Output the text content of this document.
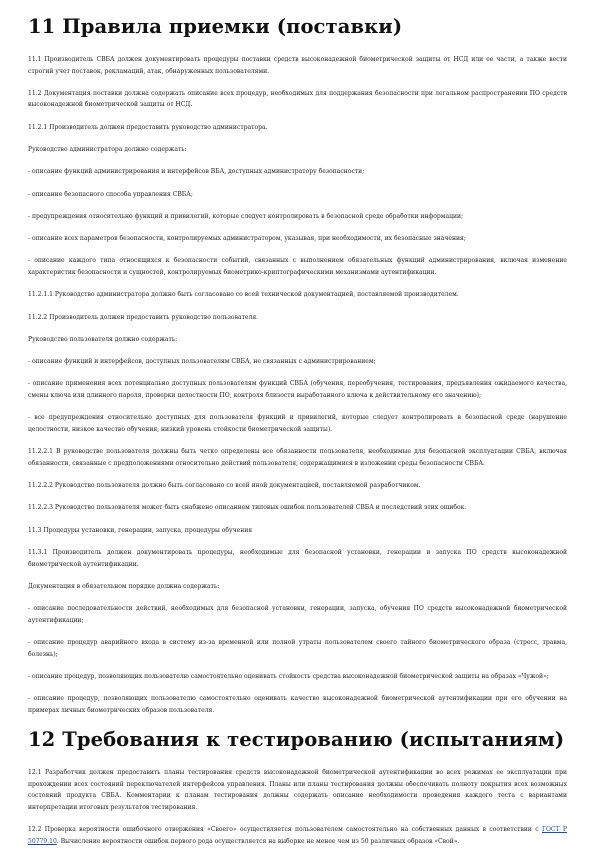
11 Правила приемки (поставки)
11.1 Производитель СВБА должен документировать процедуры поставки средств высоконадежной биометрической защиты от НСД или ее части, а также вести строгий учет поставок, рекламаций, атак, обнаруженных пользователями.
11.2 Документация поставки должна содержать описание всех процедур, необходимых для поддержания безопасности при легальном распространении ПО средств высоконадежной биометрической защиты от НСД.
11.2.1 Производитель должен предоставить руководство администратора.
Руководство администратора должно содержать:
- описание функций администрирования и интерфейсов ВБА, доступных администратору безопасности;
- описание безопасного способа управления СВБА;
- предупреждения относительно функций и привилегий, которые следует контролировать в безопасной среде обработки информации;
- описание всех параметров безопасности, контролируемых администратором, указывая, при необходимости, их безопасные значения;
- описание каждого типа относящихся к безопасности событий, связанных с выполнением обязательных функций администрирования, включая изменение характеристик безопасности и сущностей, контролируемых биометрико-криптографическими механизмами аутентификации.
11.2.1.1 Руководство администратора должно быть согласовано со всей технической документацией, поставляемой производителем.
11.2.2 Производитель должен предоставить руководство пользователя.
Руководство пользователя должно содержать:
- описание функций и интерфейсов, доступных пользователям СВБА, не связанных с администрированием;
- описание применения всех потенциально доступных пользователям функций СВБА (обучения, переобучения, тестирования, предъявления ожидаемого качества, смены ключа или длинного пароля, проверки целостности ПО, контроля близости выработанного ключа к действительному его значению);
- все предупреждения относительно доступных для пользователя функций и привилегий, которые следует контролировать в безопасной среде (нарушение целостности, низкое качество обучения, низкий уровень стойкости биометрической защиты).
11.2.2.1 В руководстве пользователя должны быть четко определены все обязанности пользователя, необходимые для безопасной эксплуатации СВБА, включая обязанности, связанные с предположениями относительно действий пользователя, содержащимися в изложении среды безопасности СВБА.
11.2.2.2 Руководство пользователя должно быть согласовано со всей иной документацией, поставляемой разработчиком.
11.2.2.3 Руководство пользователя может быть снабжено описанием типовых ошибок пользователей СВБА и последствий этих ошибок.
11.3 Процедуры установки, генерации, запуска, процедуры обучения
11.3.1 Производитель должен документировать процедуры, необходимые для безопасной установки, генерации и запуска ПО средств высоконадежной биометрической аутентификации.
Документация в обязательном порядке должна содержать:
- описание последовательности действий, необходимых для безопасной установки, генерации, запуска, обучения ПО средств высоконадежной биометрической аутентификации;
- описание процедур аварийного входа в систему из-за временной или полной утраты пользователем своего тайного биометрического образа (стресс, травма, болезнь);
- описание процедур, позволяющих пользователю самостоятельно оценивать стойкость средства высоконадежной биометрической защиты на образах «Чужой»;
- описание процедур, позволяющих пользователю самостоятельно оценивать качество высоконадежной биометрической аутентификации при его обучении на примерах личных биометрических образов пользователя.
12 Требования к тестированию (испытаниям)
12.1 Разработчик должен предоставить планы тестирования средств высоконадежной биометрической аутентификации во всех режимах ее эксплуатации при прохождении всех состояний переключателей интерфейсов управления. Планы или планы тестирования должны обеспечивать полноту покрытия всех возможных состояний продукта СВБА. Комментарии к планам тестирования должны содержать описание необходимости проведения каждого теста с вариантами интерпретации итоговых результатов тестирования.
12.2 Проверка вероятности ошибочного отвержения «Своего» осуществляется пользователем самостоятельно на собственных данных в соответствии с ГОСТ Р 50779.10. Вычисление вероятности ошибок первого рода осуществляется на выборке не менее чем из 50 различных образов «Свой».
